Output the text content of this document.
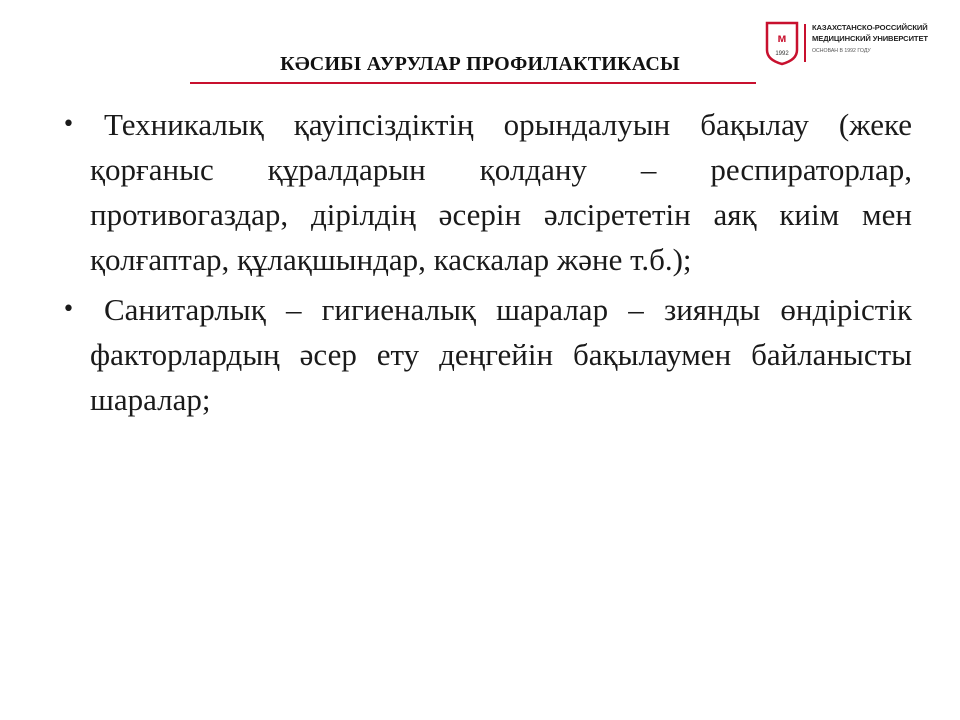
м
1992
КАЗАХСТАНСКО-РОССИЙСКИЙ
МЕДИЦИНСКИЙ УНИВЕРСИТЕТ
ОСНОВАН В 1992 ГОДУ
КӘСИБІ АУРУЛАР ПРОФИЛАКТИКАСЫ
• Техникалық қауіпсіздіктің орындалуын бақылау (жеке қорғаныс құралдарын қолдану – респираторлар, противогаздар, дірілдің әсерін әлсірететін аяқ киім мен қолғаптар, құлақшындар, каскалар және т.б.);
• Санитарлық – гигиеналық шаралар – зиянды өндірістік факторлардың әсер ету деңгейін бақылаумен байланысты шаралар;
